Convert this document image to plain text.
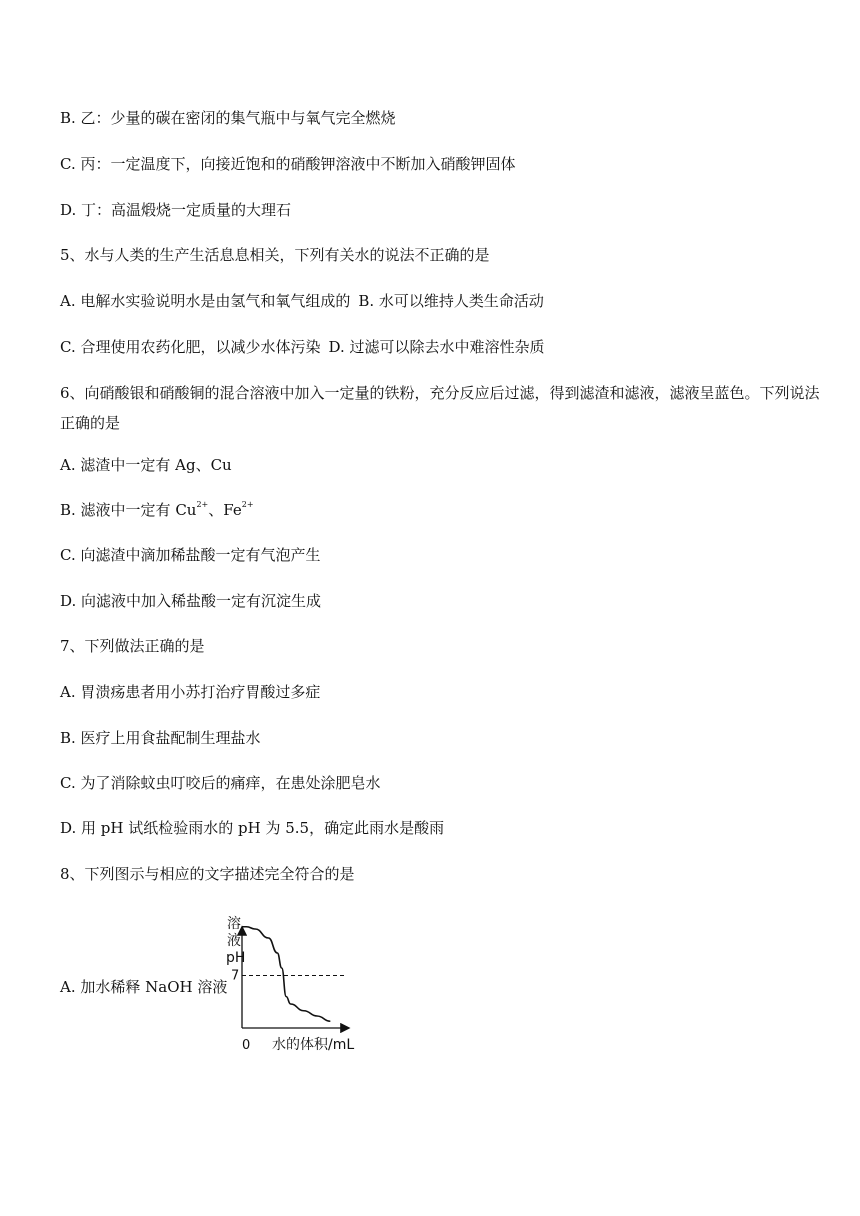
B. 乙：少量的碳在密闭的集气瓶中与氧气完全燃烧
C. 丙：一定温度下，向接近饱和的硝酸钾溶液中不断加入硝酸钾固体
D. 丁：高温煅烧一定质量的大理石
5、水与人类的生产生活息息相关，下列有关水的说法不正确的是
A. 电解水实验说明水是由氢气和氧气组成的 B. 水可以维持人类生命活动
C. 合理使用农药化肥，以减少水体污染 D. 过滤可以除去水中难溶性杂质
6、向硝酸银和硝酸铜的混合溶液中加入一定量的铁粉，充分反应后过滤，得到滤渣和滤液，滤液呈蓝色。下列说法正确的是
A. 滤渣中一定有 Ag、Cu
B. 滤液中一定有 $Cu^{2+}$、$Fe^{2+}$
C. 向滤渣中滴加稀盐酸一定有气泡产生
D. 向滤液中加入稀盐酸一定有沉淀生成
7、下列做法正确的是
A. 胃溃疡患者用小苏打治疗胃酸过多症
B. 医疗上用食盐配制生理盐水
C. 为了消除蚊虫叮咬后的痛痒，在患处涂肥皂水
D. 用 pH 试纸检验雨水的 pH 为 5.5，确定此雨水是酸雨
8、下列图示与相应的文字描述完全符合的是
A. 加水稀释 NaOH 溶液
溶
液
pH
7
0 水的体积/mL
